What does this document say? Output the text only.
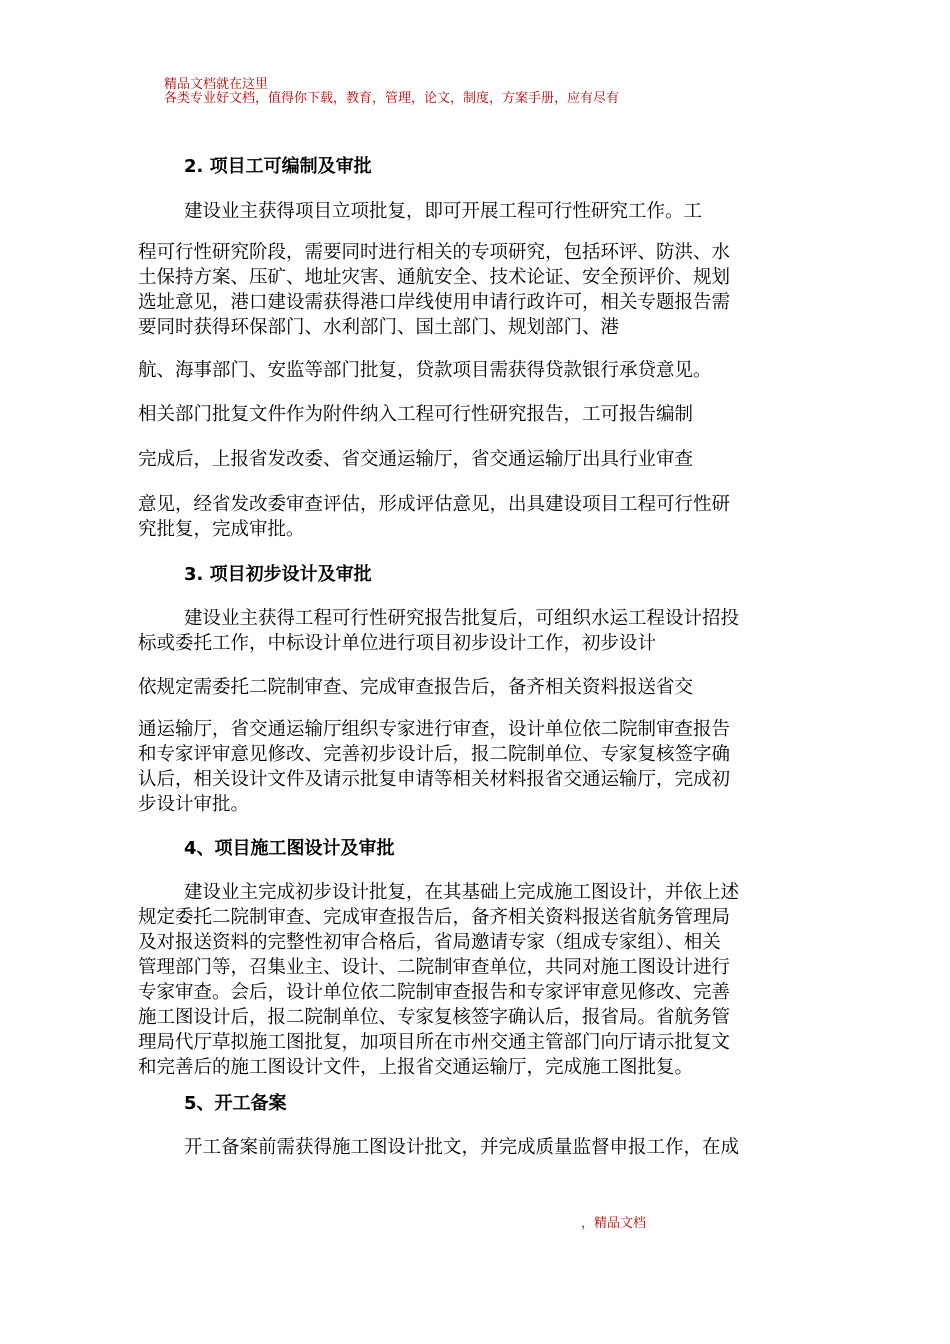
精品文档就在这里
各类专业好文档，值得你下载，教育，管理，论文，制度，方案手册，应有尽有
2. 项目工可编制及审批
建设业主获得项目立项批复，即可开展工程可行性研究工作。工
程可行性研究阶段，需要同时进行相关的专项研究，包括环评、防洪、水
土保持方案、压矿、地址灾害、通航安全、技术论证、安全预评价、规划
选址意见，港口建设需获得港口岸线使用申请行政许可，相关专题报告需
要同时获得环保部门、水利部门、国土部门、规划部门、港
航、海事部门、安监等部门批复，贷款项目需获得贷款银行承贷意见。
相关部门批复文件作为附件纳入工程可行性研究报告，工可报告编制
完成后，上报省发改委、省交通运输厅，省交通运输厅出具行业审查
意见，经省发改委审查评估，形成评估意见，出具建设项目工程可行性研
究批复，完成审批。
3. 项目初步设计及审批
建设业主获得工程可行性研究报告批复后，可组织水运工程设计招投
标或委托工作，中标设计单位进行项目初步设计工作，初步设计
依规定需委托二院制审查、完成审查报告后，备齐相关资料报送省交
通运输厅，省交通运输厅组织专家进行审查，设计单位依二院制审查报告
和专家评审意见修改、完善初步设计后，报二院制单位、专家复核签字确
认后，相关设计文件及请示批复申请等相关材料报省交通运输厅，完成初
步设计审批。
4、项目施工图设计及审批
建设业主完成初步设计批复，在其基础上完成施工图设计，并依上述
规定委托二院制审查、完成审查报告后，备齐相关资料报送省航务管理局
及对报送资料的完整性初审合格后，省局邀请专家（组成专家组）、相关
管理部门等，召集业主、设计、二院制审查单位，共同对施工图设计进行
专家审查。会后，设计单位依二院制审查报告和专家评审意见修改、完善
施工图设计后，报二院制单位、专家复核签字确认后，报省局。省航务管
理局代厅草拟施工图批复，加项目所在市州交通主管部门向厅请示批复文
和完善后的施工图设计文件，上报省交通运输厅，完成施工图批复。
5、开工备案
开工备案前需获得施工图设计批文，并完成质量监督申报工作，在成
，精品文档
